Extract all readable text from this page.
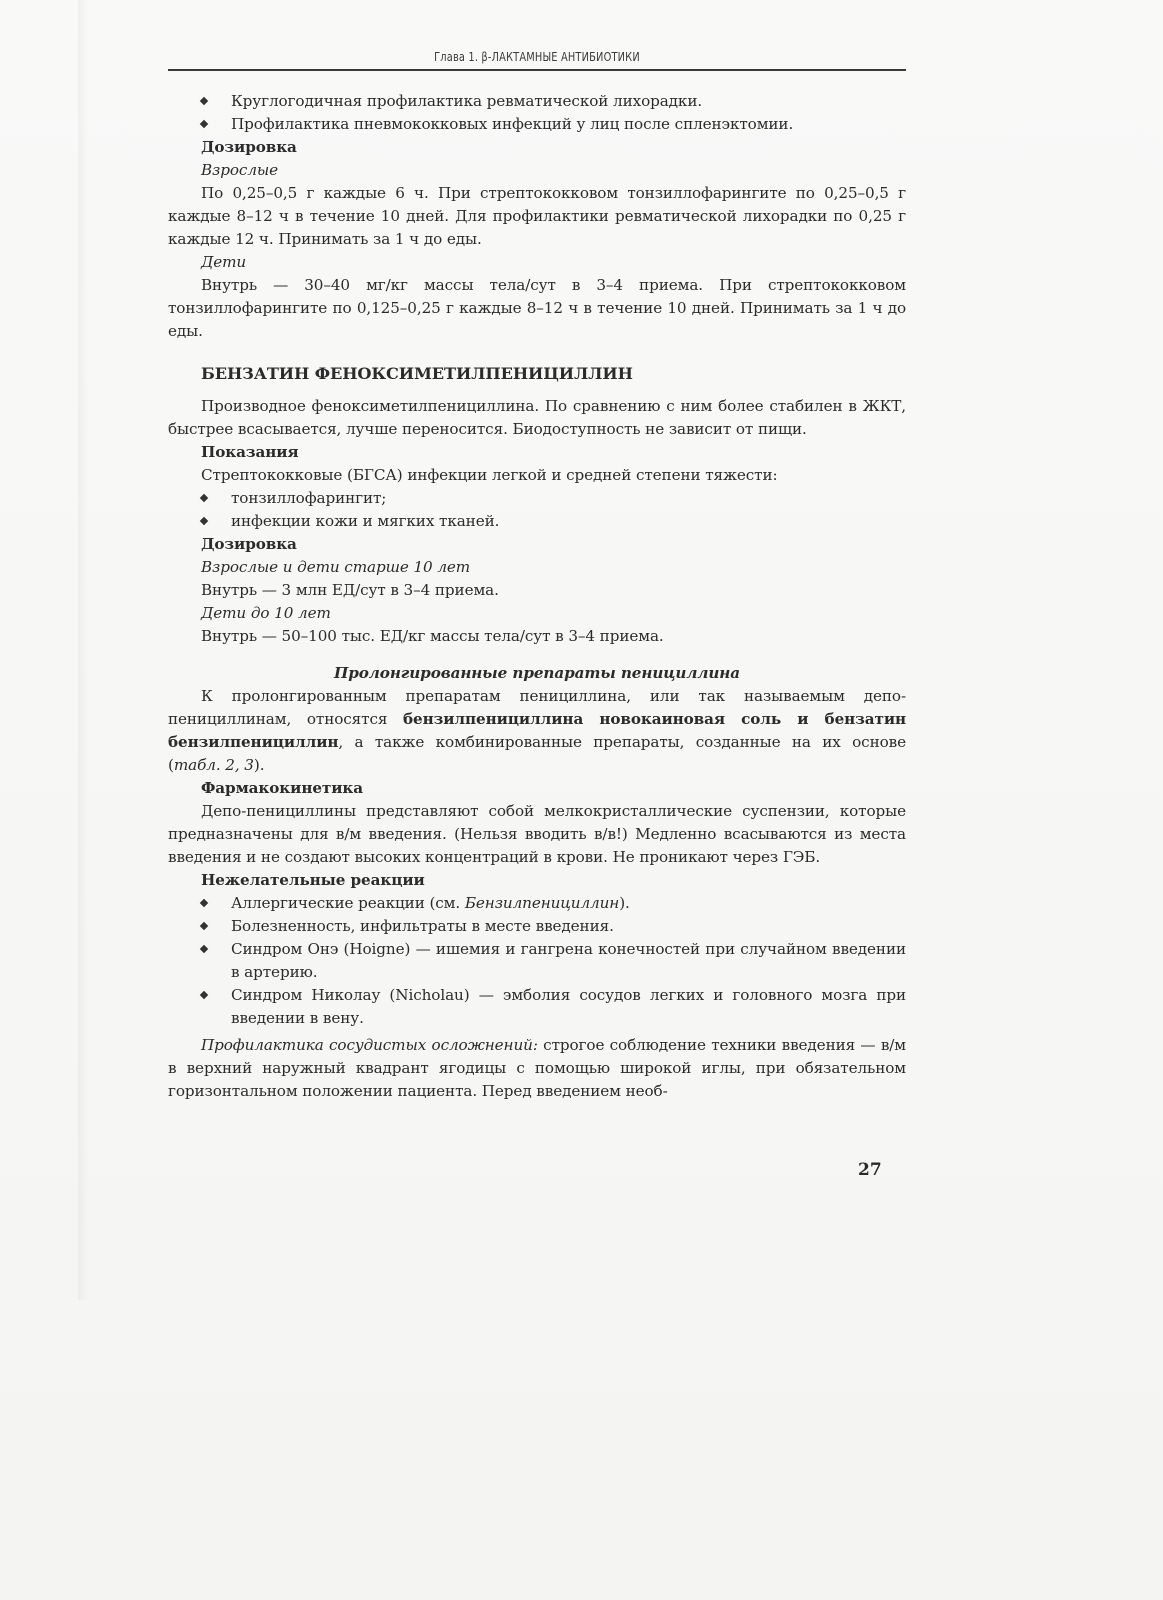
Глава 1. β-ЛАКТАМНЫЕ АНТИБИОТИКИ

Круглогодичная профилактика ревматической лихорадки.

Профилактика пневмококковых инфекций у лиц после спленэктомии.

Дозировка

Взрослые

По 0,25–0,5 г каждые 6 ч. При стрептококковом тонзиллофарингите по 0,25–0,5 г каждые 8–12 ч в течение 10 дней. Для профилактики ревматической лихорадки по 0,25 г каждые 12 ч. Принимать за 1 ч до еды.

Дети

Внутрь — 30–40 мг/кг массы тела/сут в 3–4 приема. При стрептококковом тонзиллофарингите по 0,125–0,25 г каждые 8–12 ч в течение 10 дней. Принимать за 1 ч до еды.

БЕНЗАТИН ФЕНОКСИМЕТИЛПЕНИЦИЛЛИН

Производное феноксиметилпенициллина. По сравнению с ним более стабилен в ЖКТ, быстрее всасывается, лучше переносится. Биодоступность не зависит от пищи.

Показания

Стрептококковые (БГСА) инфекции легкой и средней степени тяжести:

тонзиллофарингит;

инфекции кожи и мягких тканей.

Дозировка

Взрослые и дети старше 10 лет

Внутрь — 3 млн ЕД/сут в 3–4 приема.

Дети до 10 лет

Внутрь — 50–100 тыс. ЕД/кг массы тела/сут в 3–4 приема.

Пролонгированные препараты пенициллина

К пролонгированным препаратам пенициллина, или так называемым депо-пенициллинам, относятся бензилпенициллина новокаиновая соль и бензатин бензилпенициллин, а также комбинированные препараты, созданные на их основе (табл. 2, 3).

Фармакокинетика

Депо-пенициллины представляют собой мелкокристаллические суспензии, которые предназначены для в/м введения. (Нельзя вводить в/в!) Медленно всасываются из места введения и не создают высоких концентраций в крови. Не проникают через ГЭБ.

Нежелательные реакции

Аллергические реакции (см. Бензилпенициллин).

Болезненность, инфильтраты в месте введения.

Синдром Онэ (Hoigne) — ишемия и гангрена конечностей при случайном введении в артерию.

Синдром Николау (Nicholau) — эмболия сосудов легких и головного мозга при введении в вену.

Профилактика сосудистых осложнений: строгое соблюдение техники введения — в/м в верхний наружный квадрант ягодицы с помощью широкой иглы, при обязательном горизонтальном положении пациента. Перед введением необ-

27
